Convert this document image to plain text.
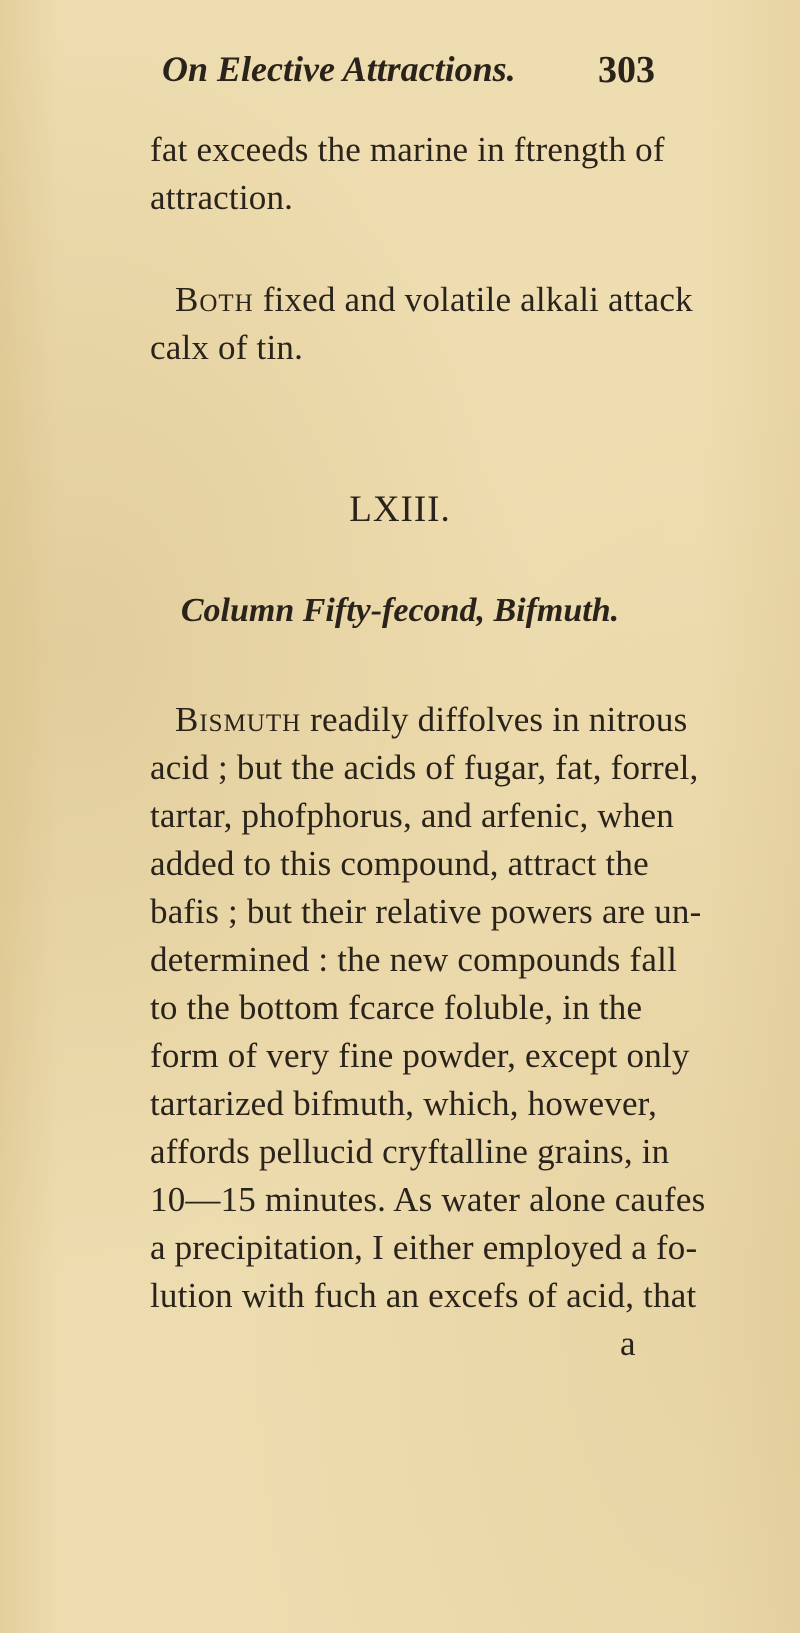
On Elective Attractions. 303
fat exceeds the marine in ftrength of
attraction.
Both fixed and volatile alkali attack
calx of tin.
LXIII.
Column Fifty-fecond, Bifmuth.
Bismuth readily diffolves in nitrous
acid ; but the acids of fugar, fat, forrel,
tartar, phofphorus, and arfenic, when
added to this compound, attract the
bafis ; but their relative powers are un-
determined : the new compounds fall
to the bottom fcarce foluble, in the
form of very fine powder, except only
tartarized bifmuth, which, however,
affords pellucid cryftalline grains, in
10—15 minutes. As water alone caufes
a precipitation, I either employed a fo-
lution with fuch an excefs of acid, that
a
